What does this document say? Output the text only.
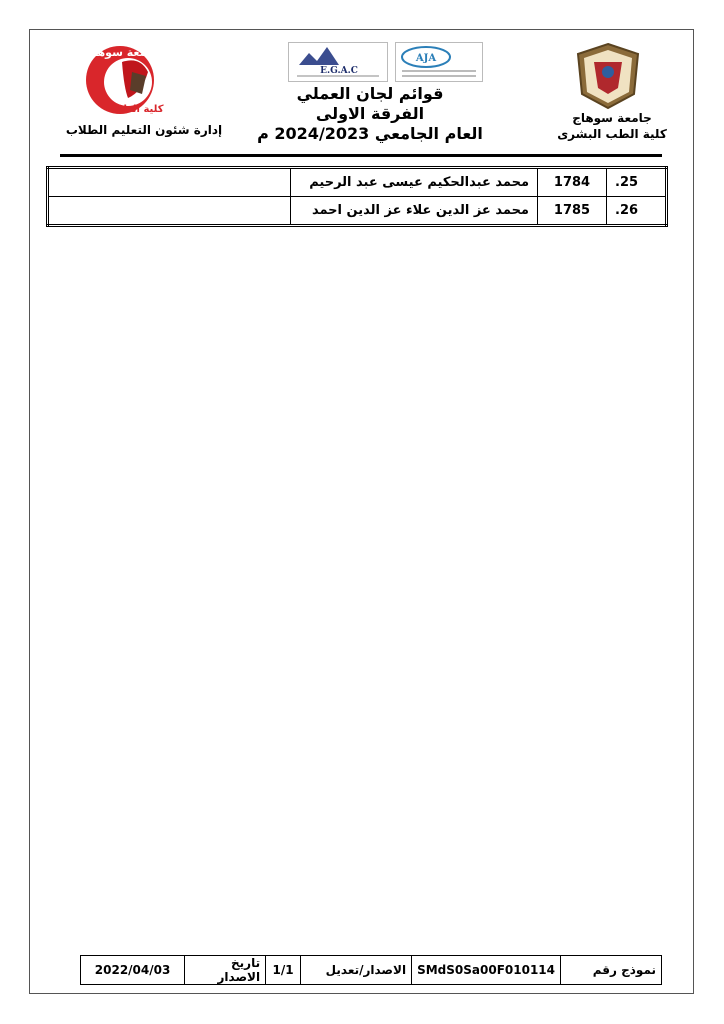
جامعة سوهاج
كلية الطب
E.G.A.C
AJA
إدارة شئون التعليم الطلاب
جامعة سوهاج
كلية الطب البشرى
قوائم لجان العملي
الفرقة الاولى
العام الجامعي 2024/2023 م
.25	1784	محمد عبدالحكيم عيسى عبد الرحيم	
.26	1785	محمد عز الدين علاء عز الدين احمد	
نموذج رقم	SMdS0Sa00F010114	الاصدار/تعديل	1/1	تاريخ الاصدار	2022/04/03
